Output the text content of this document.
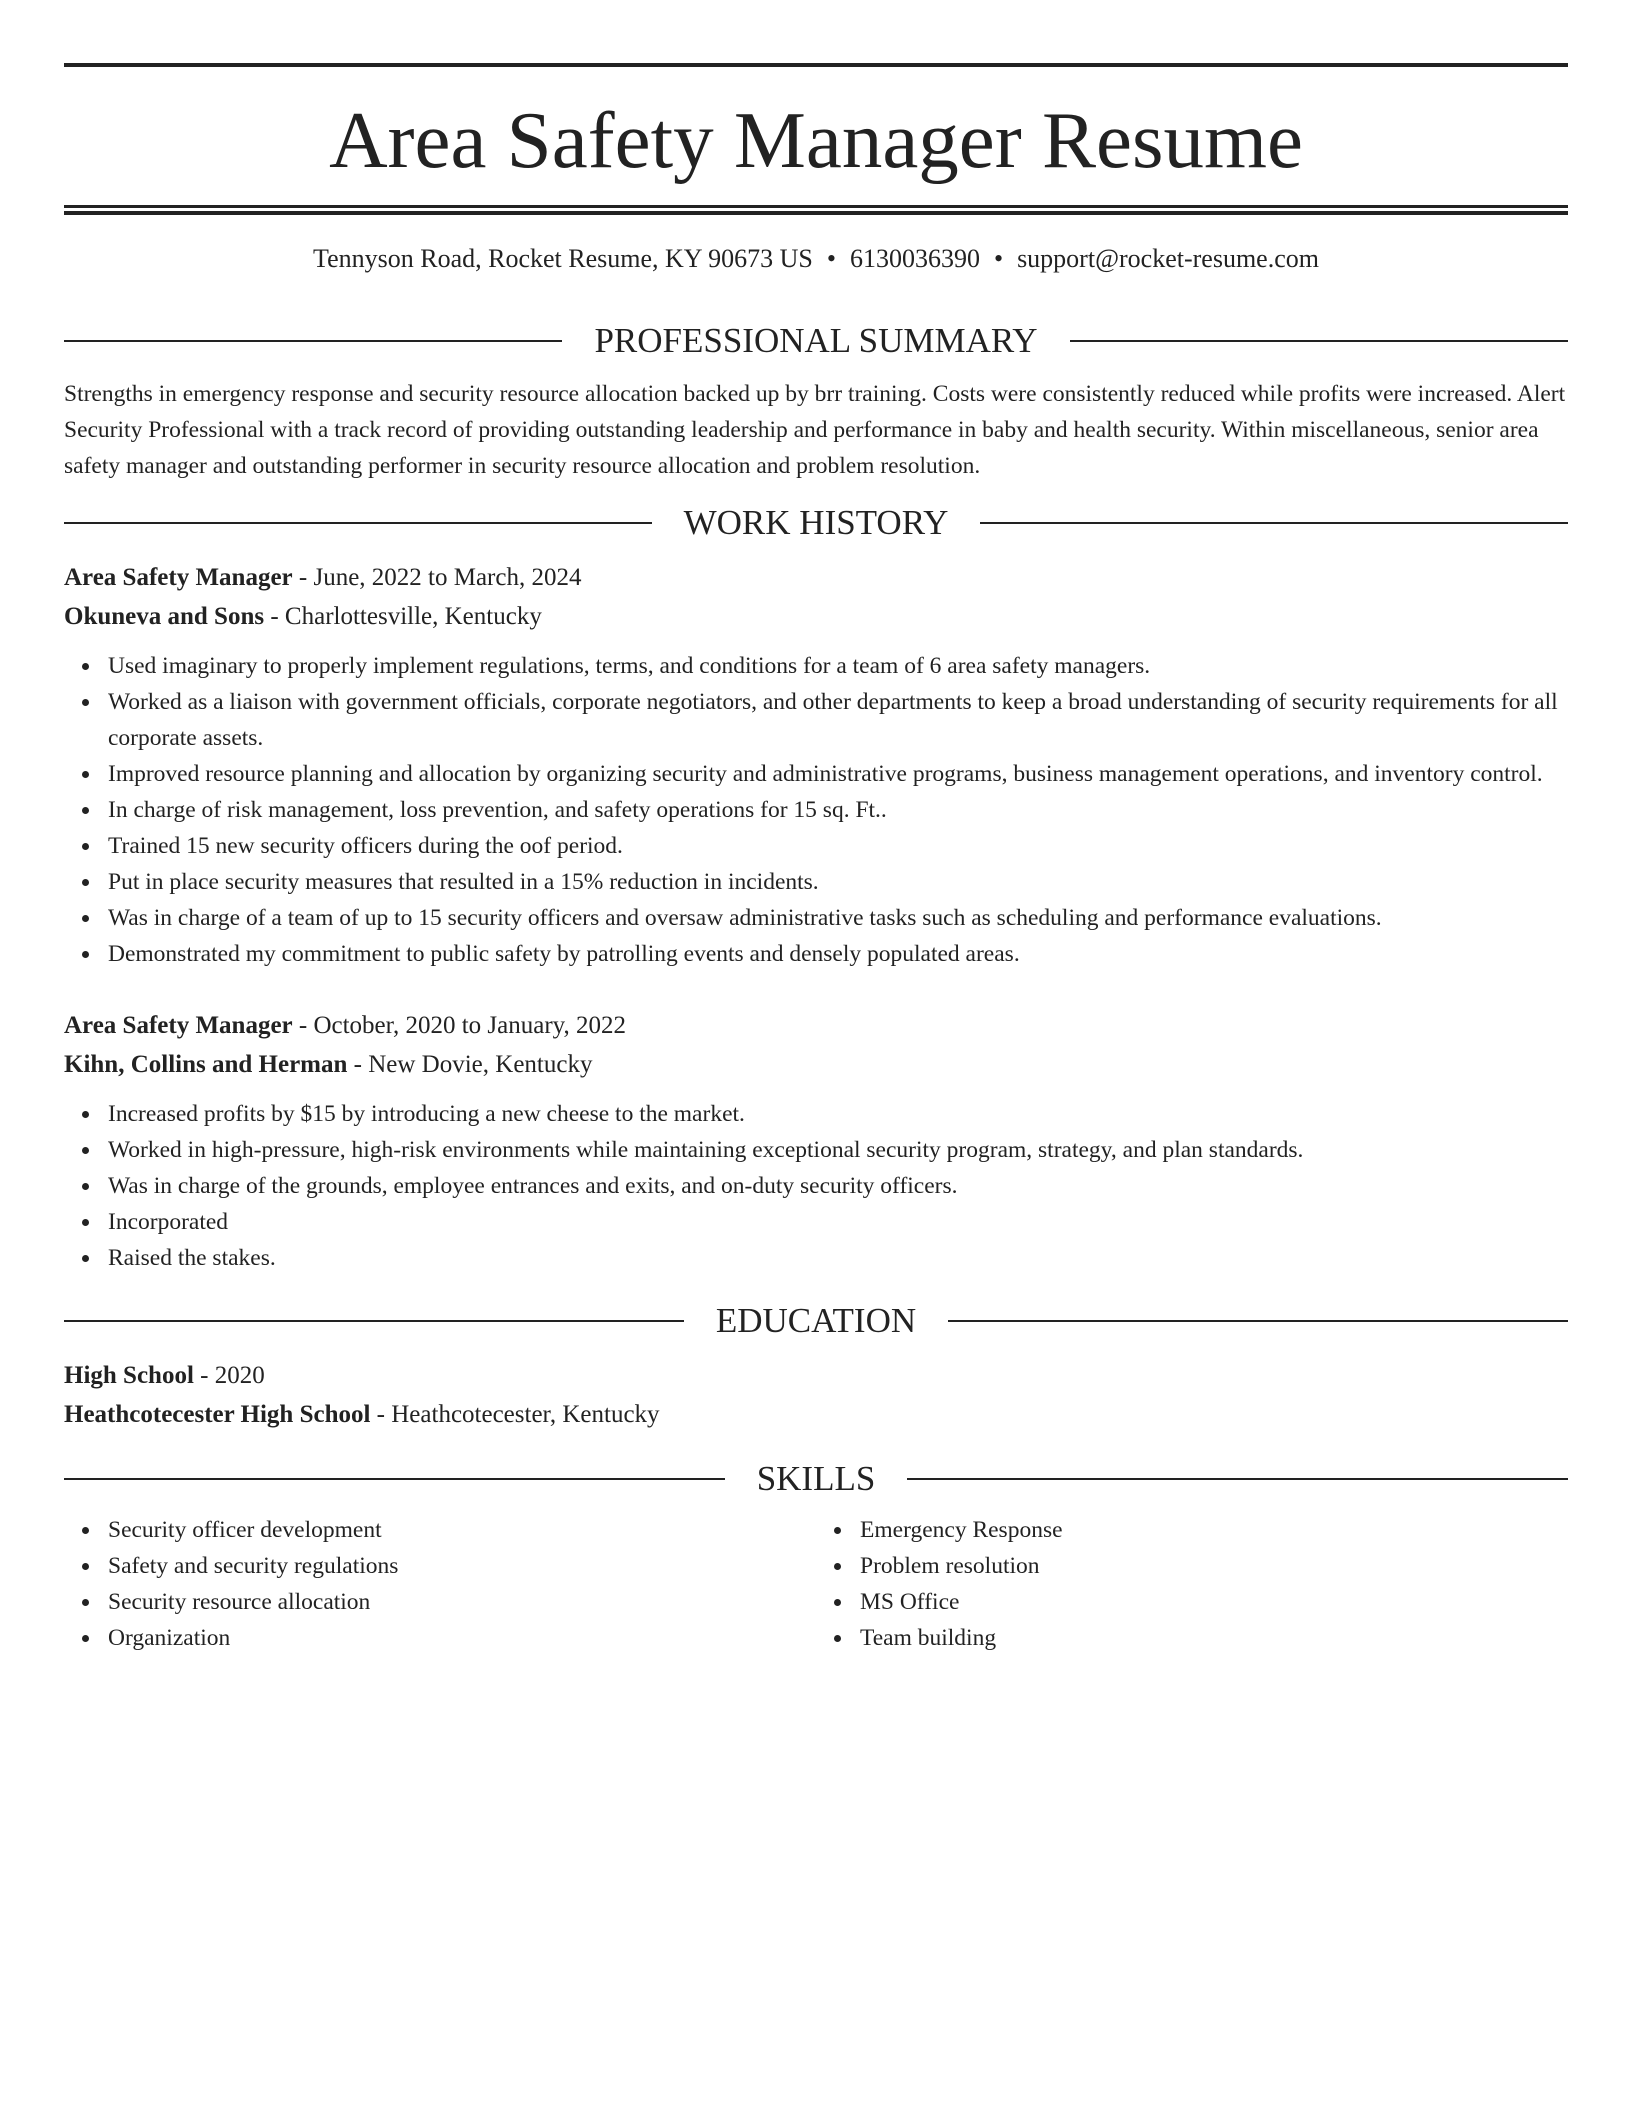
Area Safety Manager Resume
Tennyson Road, Rocket Resume, KY 90673 US • 6130036390 • support@rocket-resume.com
PROFESSIONAL SUMMARY

Strengths in emergency response and security resource allocation backed up by brr training. Costs were consistently reduced while profits were increased. Alert Security Professional with a track record of providing outstanding leadership and performance in baby and health security. Within miscellaneous, senior area safety manager and outstanding performer in security resource allocation and problem resolution.

WORK HISTORY
Area Safety Manager - June, 2022 to March, 2024
Okuneva and Sons - Charlottesville, Kentucky
Used imaginary to properly implement regulations, terms, and conditions for a team of 6 area safety managers.
Worked as a liaison with government officials, corporate negotiators, and other departments to keep a broad understanding of security requirements for all corporate assets.
Improved resource planning and allocation by organizing security and administrative programs, business management operations, and inventory control.
In charge of risk management, loss prevention, and safety operations for 15 sq. Ft..
Trained 15 new security officers during the oof period.
Put in place security measures that resulted in a 15% reduction in incidents.
Was in charge of a team of up to 15 security officers and oversaw administrative tasks such as scheduling and performance evaluations.
Demonstrated my commitment to public safety by patrolling events and densely populated areas.
Area Safety Manager - October, 2020 to January, 2022
Kihn, Collins and Herman - New Dovie, Kentucky
Increased profits by $15 by introducing a new cheese to the market.
Worked in high-pressure, high-risk environments while maintaining exceptional security program, strategy, and plan standards.
Was in charge of the grounds, employee entrances and exits, and on-duty security officers.
Incorporated
Raised the stakes.
EDUCATION
High School - 2020
Heathcotecester High School - Heathcotecester, Kentucky
SKILLS
Security officer development
Safety and security regulations
Security resource allocation
Organization
Emergency Response
Problem resolution
MS Office
Team building
